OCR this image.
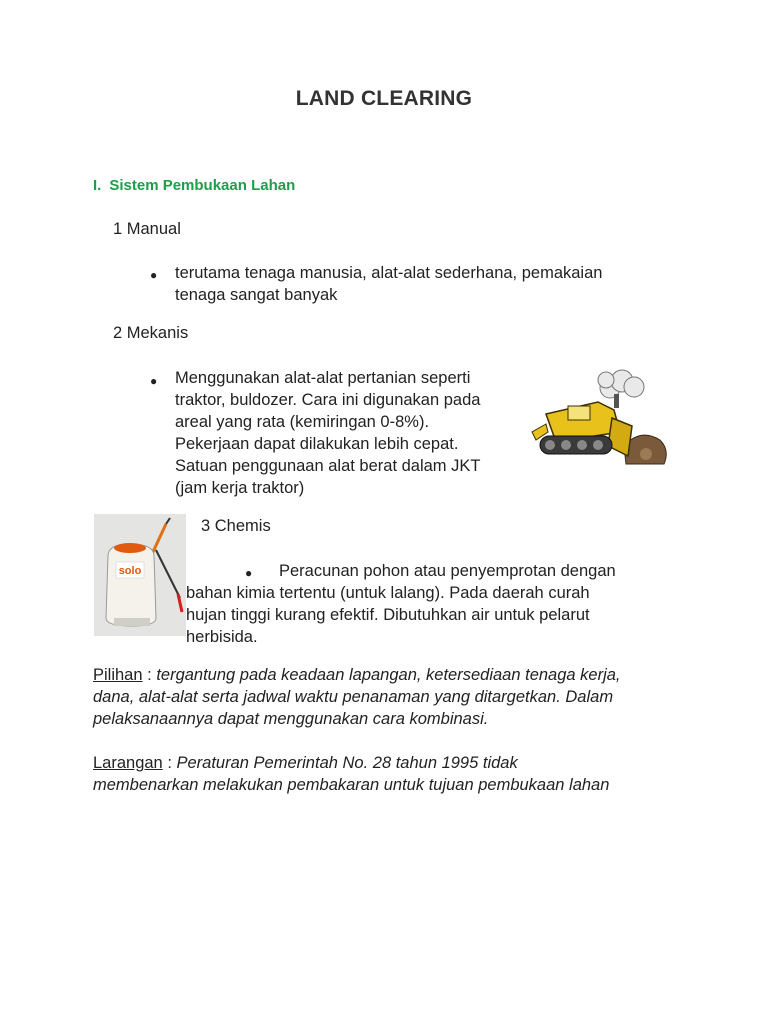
LAND CLEARING
I. Sistem Pembukaan Lahan
1 Manual
● terutama tenaga manusia, alat-alat sederhana, pemakaian
tenaga sangat banyak
2 Mekanis
● Menggunakan alat-alat pertanian seperti
traktor, buldozer. Cara ini digunakan pada
areal yang rata (kemiringan 0-8%).
Pekerjaan dapat dilakukan lebih cepat.
Satuan penggunaan alat berat dalam JKT
(jam kerja traktor)
solo
3 Chemis
● Peracunan pohon atau penyemprotan dengan
bahan kimia tertentu (untuk lalang). Pada daerah curah
hujan tinggi kurang efektif. Dibutuhkan air untuk pelarut
herbisida.
Pilihan : tergantung pada keadaan lapangan, ketersediaan tenaga kerja,
dana, alat-alat serta jadwal waktu penanaman yang ditargetkan. Dalam
pelaksanaannya dapat menggunakan cara kombinasi.
Larangan : Peraturan Pemerintah No. 28 tahun 1995 tidak
membenarkan melakukan pembakaran untuk tujuan pembukaan lahan
